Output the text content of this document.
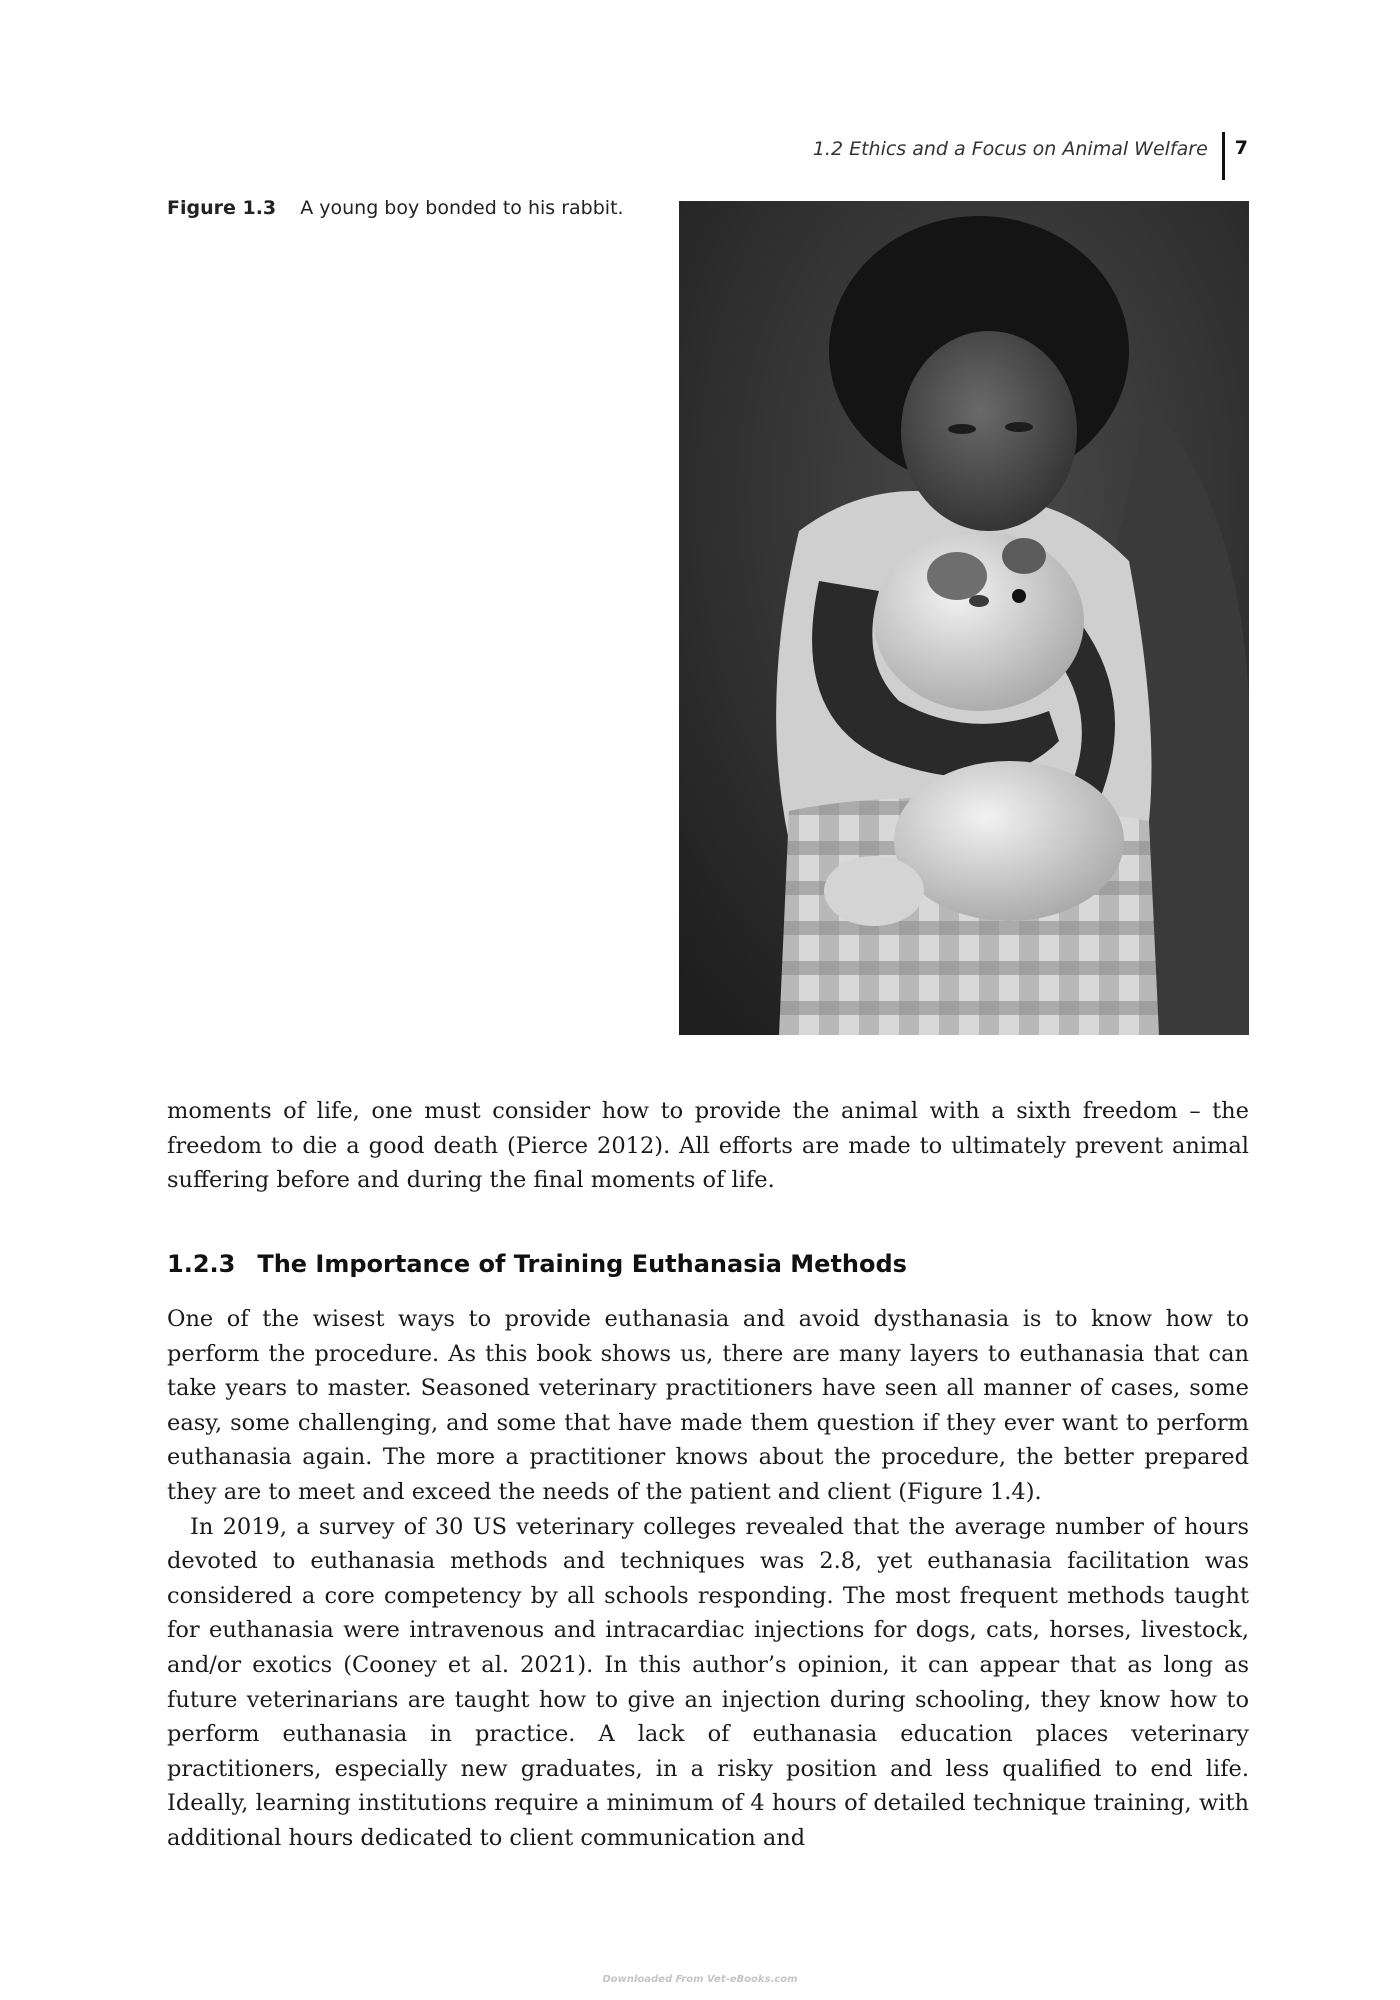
1.2 Ethics and a Focus on Animal Welfare	7
Figure 1.3 A young boy bonded to his rabbit.

moments of life, one must consider how to provide the animal with a sixth freedom – the freedom to die a good death (Pierce 2012). All efforts are made to ultimately prevent animal suffering before and during the final moments of life.

1.2.3 The Importance of Training Euthanasia Methods

One of the wisest ways to provide euthanasia and avoid dysthanasia is to know how to perform the procedure. As this book shows us, there are many layers to euthanasia that can take years to master. Seasoned veterinary practitioners have seen all manner of cases, some easy, some challenging, and some that have made them question if they ever want to perform euthanasia again. The more a practitioner knows about the procedure, the better prepared they are to meet and exceed the needs of the patient and client (Figure 1.4).

In 2019, a survey of 30 US veterinary colleges revealed that the average number of hours devoted to euthanasia methods and techniques was 2.8, yet euthanasia facilitation was considered a core competency by all schools responding. The most frequent methods taught for euthanasia were intravenous and intracardiac injections for dogs, cats, horses, livestock, and/or exotics (Cooney et al. 2021). In this author’s opinion, it can appear that as long as future veterinarians are taught how to give an injection during schooling, they know how to perform euthanasia in practice. A lack of euthanasia education places veterinary practitioners, especially new graduates, in a risky position and less qualified to end life. Ideally, learning institutions require a minimum of 4 hours of detailed technique training, with additional hours dedicated to client communication and

Downloaded From Vet-eBooks.com
